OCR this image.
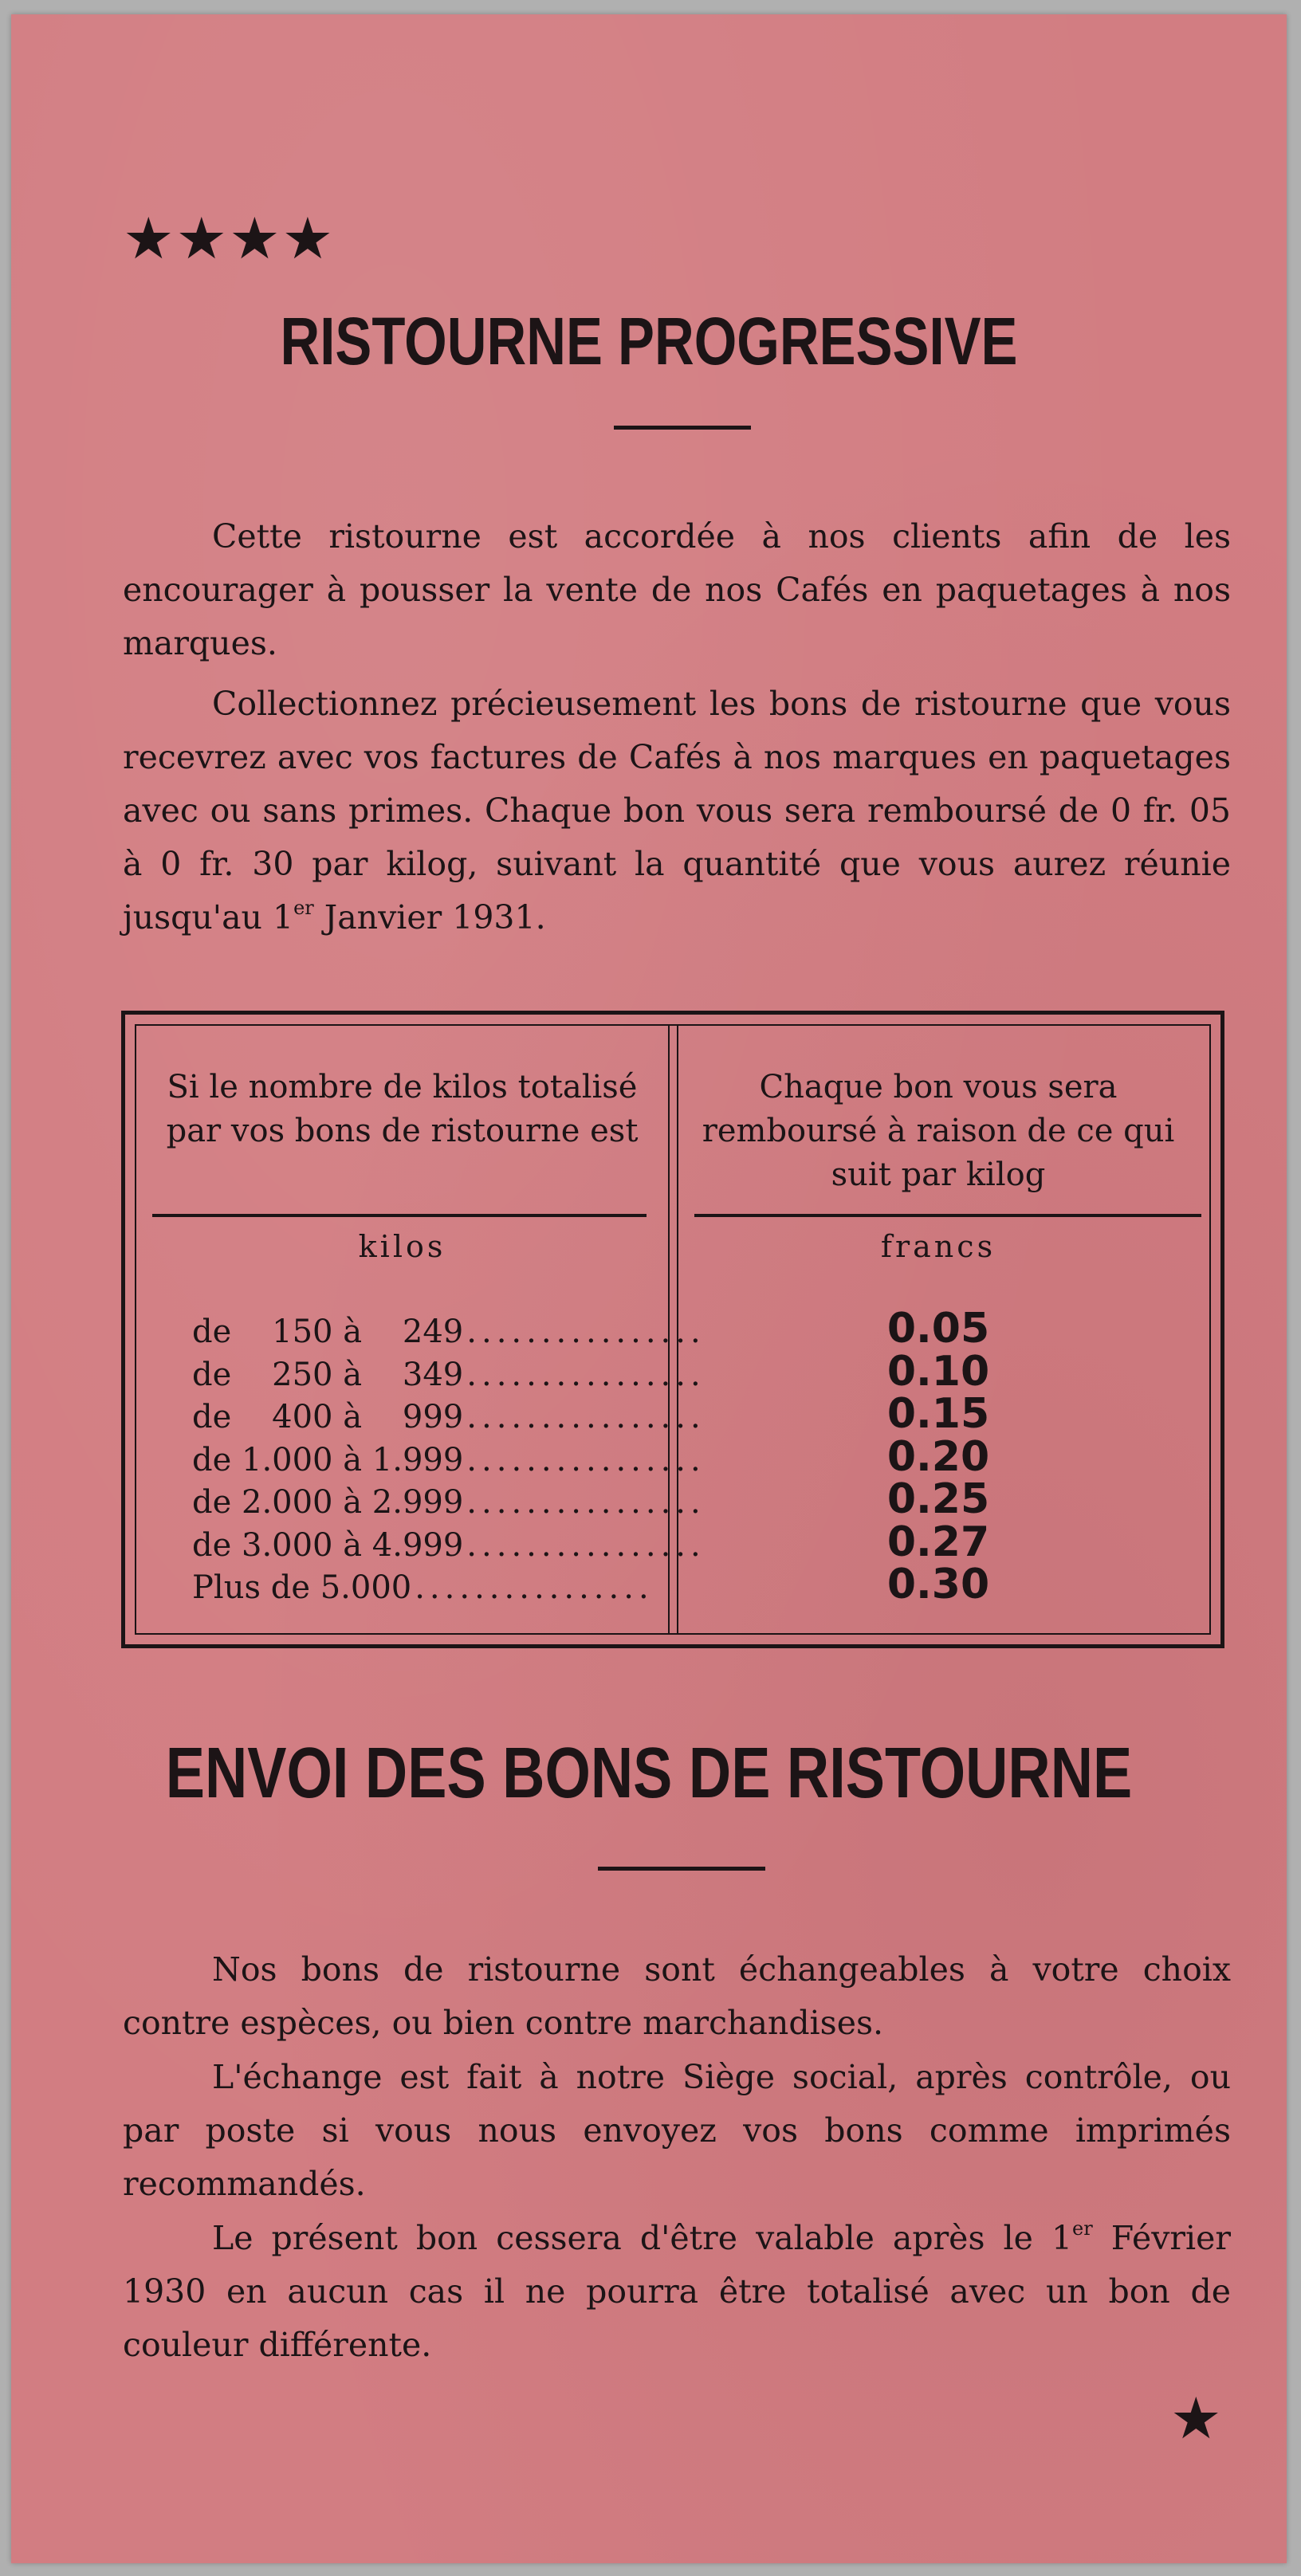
★★★★
RISTOURNE PROGRESSIVE

Cette ristourne est accordée à nos clients afin de les encourager à pousser la vente de nos Cafés en paquetages à nos marques.

Collectionnez précieusement les bons de ristourne que vous recevrez avec vos factures de Cafés à nos marques en paquetages avec ou sans primes. Chaque bon vous sera remboursé de 0 fr. 05 à 0 fr. 30 par kilog, suivant la quantité que vous aurez réunie jusqu'au 1er Janvier 1931.

Si le nombre de kilos totalisé par vos bons de ristourne est

Chaque bon vous sera remboursé à raison de ce qui suit par kilog

kilos	francs
de    150 à    249 ................
de    250 à    349 ................
de    400 à    999 ................
de 1.000 à 1.999 ................
de 2.000 à 2.999 ................
de 3.000 à 4.999 ................
Plus de 5.000 ................
0.05
0.10
0.15
0.20
0.25
0.27
0.30
ENVOI DES BONS DE RISTOURNE

Nos bons de ristourne sont échangeables à votre choix contre espèces, ou bien contre marchandises.

L'échange est fait à notre Siège social, après contrôle, ou par poste si vous nous envoyez vos bons comme imprimés recommandés.

Le présent bon cessera d'être valable après le 1er Février 1930 en aucun cas il ne pourra être totalisé avec un bon de couleur différente.

★
